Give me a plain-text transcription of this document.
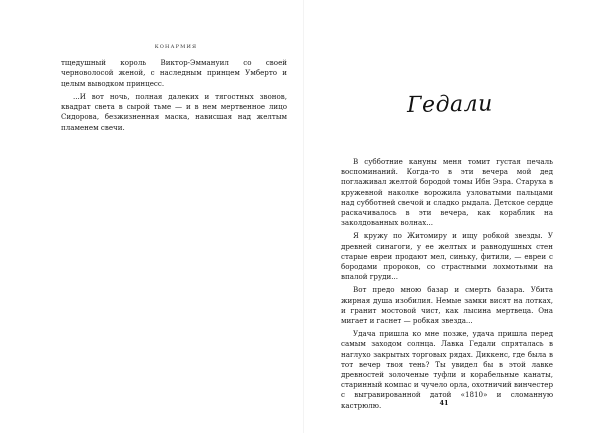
КОНАРМИЯ

тщедушный король Виктор-Эммануил со своей черноволосой женой, с наследным принцем Умберто и целым выводком принцесс.

...И вот ночь, полная далеких и тягостных звонов, квадрат света в сырой тьме — и в нем мертвенное лицо Сидорова, безжизненная маска, нависшая над желтым пламенем свечи.

Гедали

В субботние кануны меня томит густая печаль воспоминаний. Когда-то в эти вечера мой дед поглаживал желтой бородой томы Ибн Эзра. Старуха в кружевной наколке ворожила узловатыми пальцами над субботней свечой и сладко рыдала. Детское сердце раскачивалось в эти вечера, как кораблик на заколдованных волнах...

Я кружу по Житомиру и ищу робкой звезды. У древней синагоги, у ее желтых и равнодушных стен старые евреи продают мел, синьку, фитили, — евреи с бородами пророков, со страстными лохмотьями на впалой груди...

Вот предо мною базар и смерть базара. Убита жирная душа изобилия. Немые замки висят на лотках, и гранит мостовой чист, как лысина мертвеца. Она мигает и гаснет — робкая звезда...

Удача пришла ко мне позже, удача пришла перед самым заходом солнца. Лавка Гедали спряталась в наглухо закрытых торговых рядах. Диккенс, где была в тот вечер твоя тень? Ты увидел бы в этой лавке древностей золоченые туфли и корабельные канаты, старинный компас и чучело орла, охотничий винчестер с выгравированной датой «1810» и сломанную кастрюлю.	41
